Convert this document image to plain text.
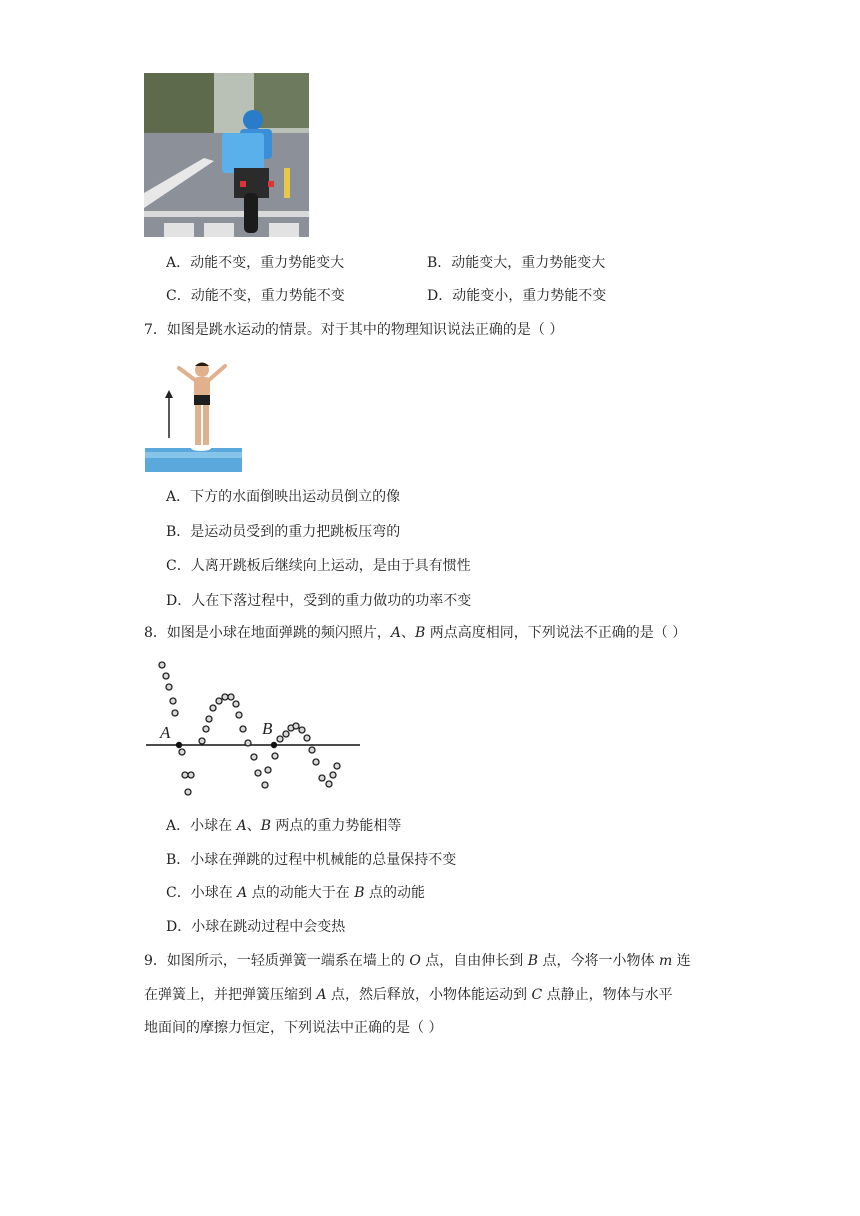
A．动能不变，重力势能变大	B．动能变大，重力势能变大
C．动能不变，重力势能不变	D．动能变小，重力势能不变
7．如图是跳水运动的情景。对于其中的物理知识说法正确的是（ ）
A．下方的水面倒映出运动员倒立的像
B．是运动员受到的重力把跳板压弯的
C．人离开跳板后继续向上运动，是由于具有惯性
D．人在下落过程中，受到的重力做功的功率不变
8．如图是小球在地面弹跳的频闪照片，A、B 两点高度相同，下列说法不正确的是（ ）
A	B
A．小球在 A、B 两点的重力势能相等
B．小球在弹跳的过程中机械能的总量保持不变
C．小球在 A 点的动能大于在 B 点的动能
D．小球在跳动过程中会变热
9．如图所示，一轻质弹簧一端系在墙上的 O 点，自由伸长到 B 点，今将一小物体 m 连
在弹簧上，并把弹簧压缩到 A 点，然后释放，小物体能运动到 C 点静止，物体与水平
地面间的摩擦力恒定，下列说法中正确的是（ ）
